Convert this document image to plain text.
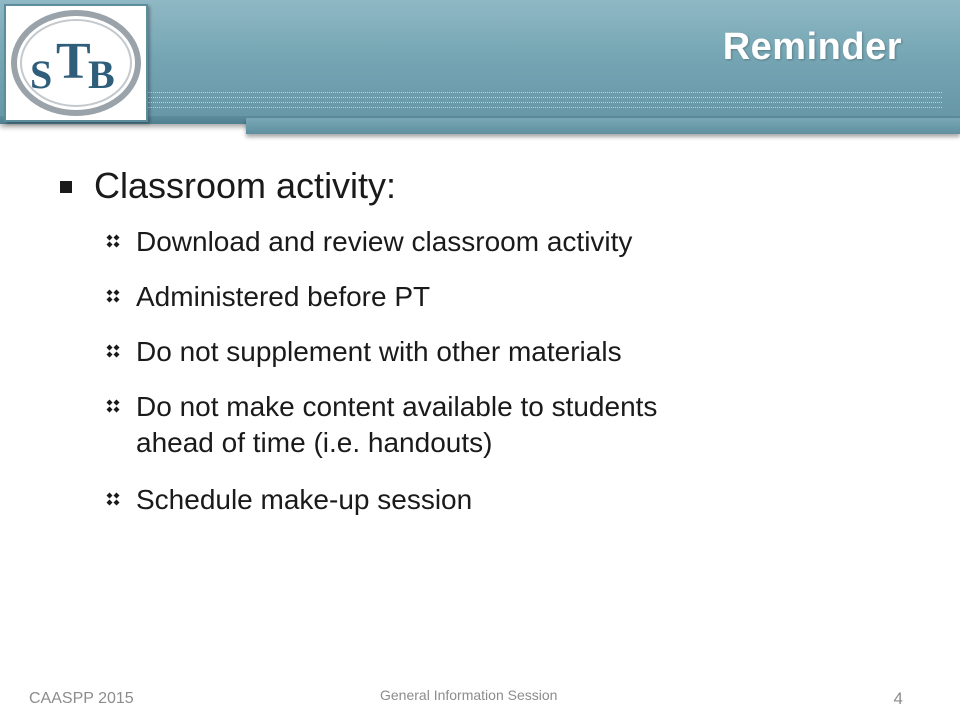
Reminder
S T
B
Classroom activity:
Download and review classroom activity
Administered before PT
Do not supplement with other materials
Do not make content available to students
ahead of time (i.e. handouts)
Schedule make-up session
CAASPP 2015	General Information Session	4
